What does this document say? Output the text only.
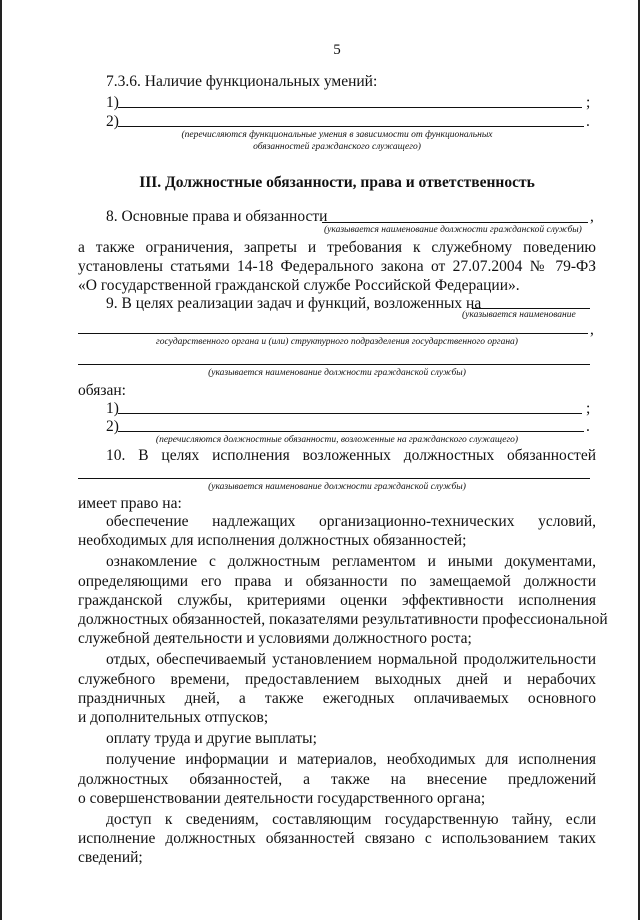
5
7.3.6. Наличие функциональных умений:
1)	;
2)	.
(перечисляются функциональные умения в зависимости от функциональных
обязанностей гражданского служащего)
III. Должностные обязанности, права и ответственность
8. Основные права и обязанности	,
(указывается наименование должности гражданской службы)
а также ограничения, запреты и требования к служебному поведению
установлены статьями 14-18 Федерального закона от 27.07.2004 № 79-ФЗ
«О государственной гражданской службе Российской Федерации».
9. В целях реализации задач и функций, возложенных на
(указывается наименование
,
государственного органа и (или) структурного подразделения государственного органа)
(указывается наименование должности гражданской службы)
обязан:
1)	;
2)	.
(перечисляются должностные обязанности, возложенные на гражданского служащего)
10. В целях исполнения возложенных должностных обязанностей
(указывается наименование должности гражданской службы)
имеет право на:
обеспечение надлежащих организационно-технических условий,
необходимых для исполнения должностных обязанностей;
ознакомление с должностным регламентом и иными документами,
определяющими его права и обязанности по замещаемой должности
гражданской службы, критериями оценки эффективности исполнения
должностных обязанностей, показателями результативности профессиональной
служебной деятельности и условиями должностного роста;
отдых, обеспечиваемый установлением нормальной продолжительности
служебного времени, предоставлением выходных дней и нерабочих
праздничных дней, а также ежегодных оплачиваемых основного
и дополнительных отпусков;
оплату труда и другие выплаты;
получение информации и материалов, необходимых для исполнения
должностных обязанностей, а также на внесение предложений
о совершенствовании деятельности государственного органа;
доступ к сведениям, составляющим государственную тайну, если
исполнение должностных обязанностей связано с использованием таких
сведений;
